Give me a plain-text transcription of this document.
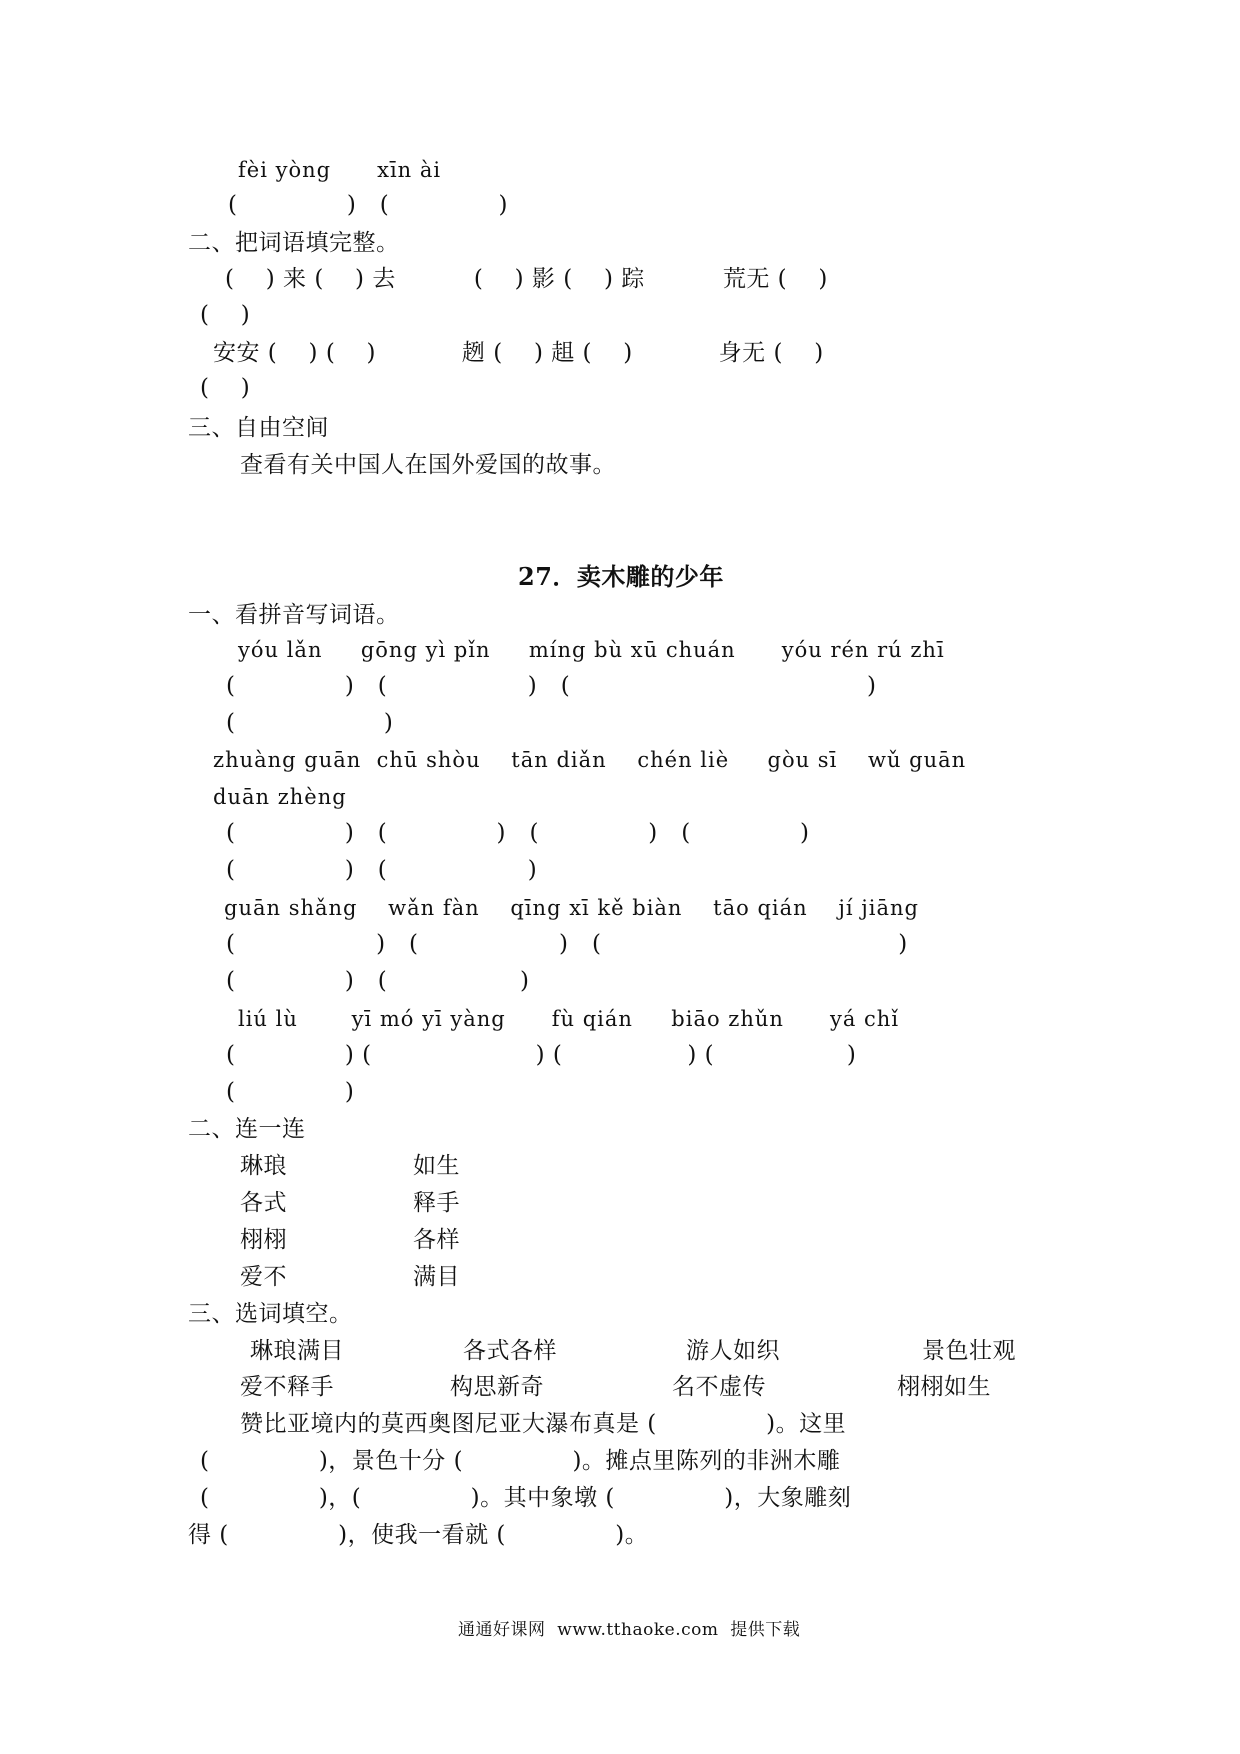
fèi yòng      xīn ài
(              )   (              )
二、把词语填完整。
(    ) 来 (    ) 去          (    ) 影 (    ) 踪          荒无 (    )
(    )
安安 (    ) (    )           趔 (    ) 趄 (    )           身无 (    )
(    )
三、自由空间
查看有关中国人在国外爱国的故事。
27．卖木雕的少年
一、看拼音写词语。
yóu lǎn     gōng yì pǐn     míng bù xū chuán      yóu rén rú zhī
(              )   (                  )   (                                      )
(                   )
zhuàng guān  chū shòu    tān diǎn    chén liè     gòu sī    wǔ guān
duān zhèng
(              )   (              )   (              )   (              )
(              )   (                  )
guān shǎng    wǎn fàn    qīng xī kě biàn    tāo qián    jí jiāng
(                  )   (                  )   (                                      )
(              )   (                 )
liú lù       yī mó yī yàng      fù qián     biāo zhǔn      yá chǐ
(              ) (                     ) (                ) (                 )
(              )
二、连一连
琳琅	如生
各式	释手
栩栩	各样
爱不	满目
三、选词填空。
琳琅满目	各式各样	游人如织	景色壮观
爱不释手	构思新奇	名不虚传	栩栩如生
赞比亚境内的莫西奥图尼亚大瀑布真是 (              )。这里
(              )，景色十分 (              )。摊点里陈列的非洲木雕
(              )，(              )。其中象墩 (              )，大象雕刻
得 (              )，使我一看就 (              )。
通通好课网  www.tthaoke.com  提供下载
